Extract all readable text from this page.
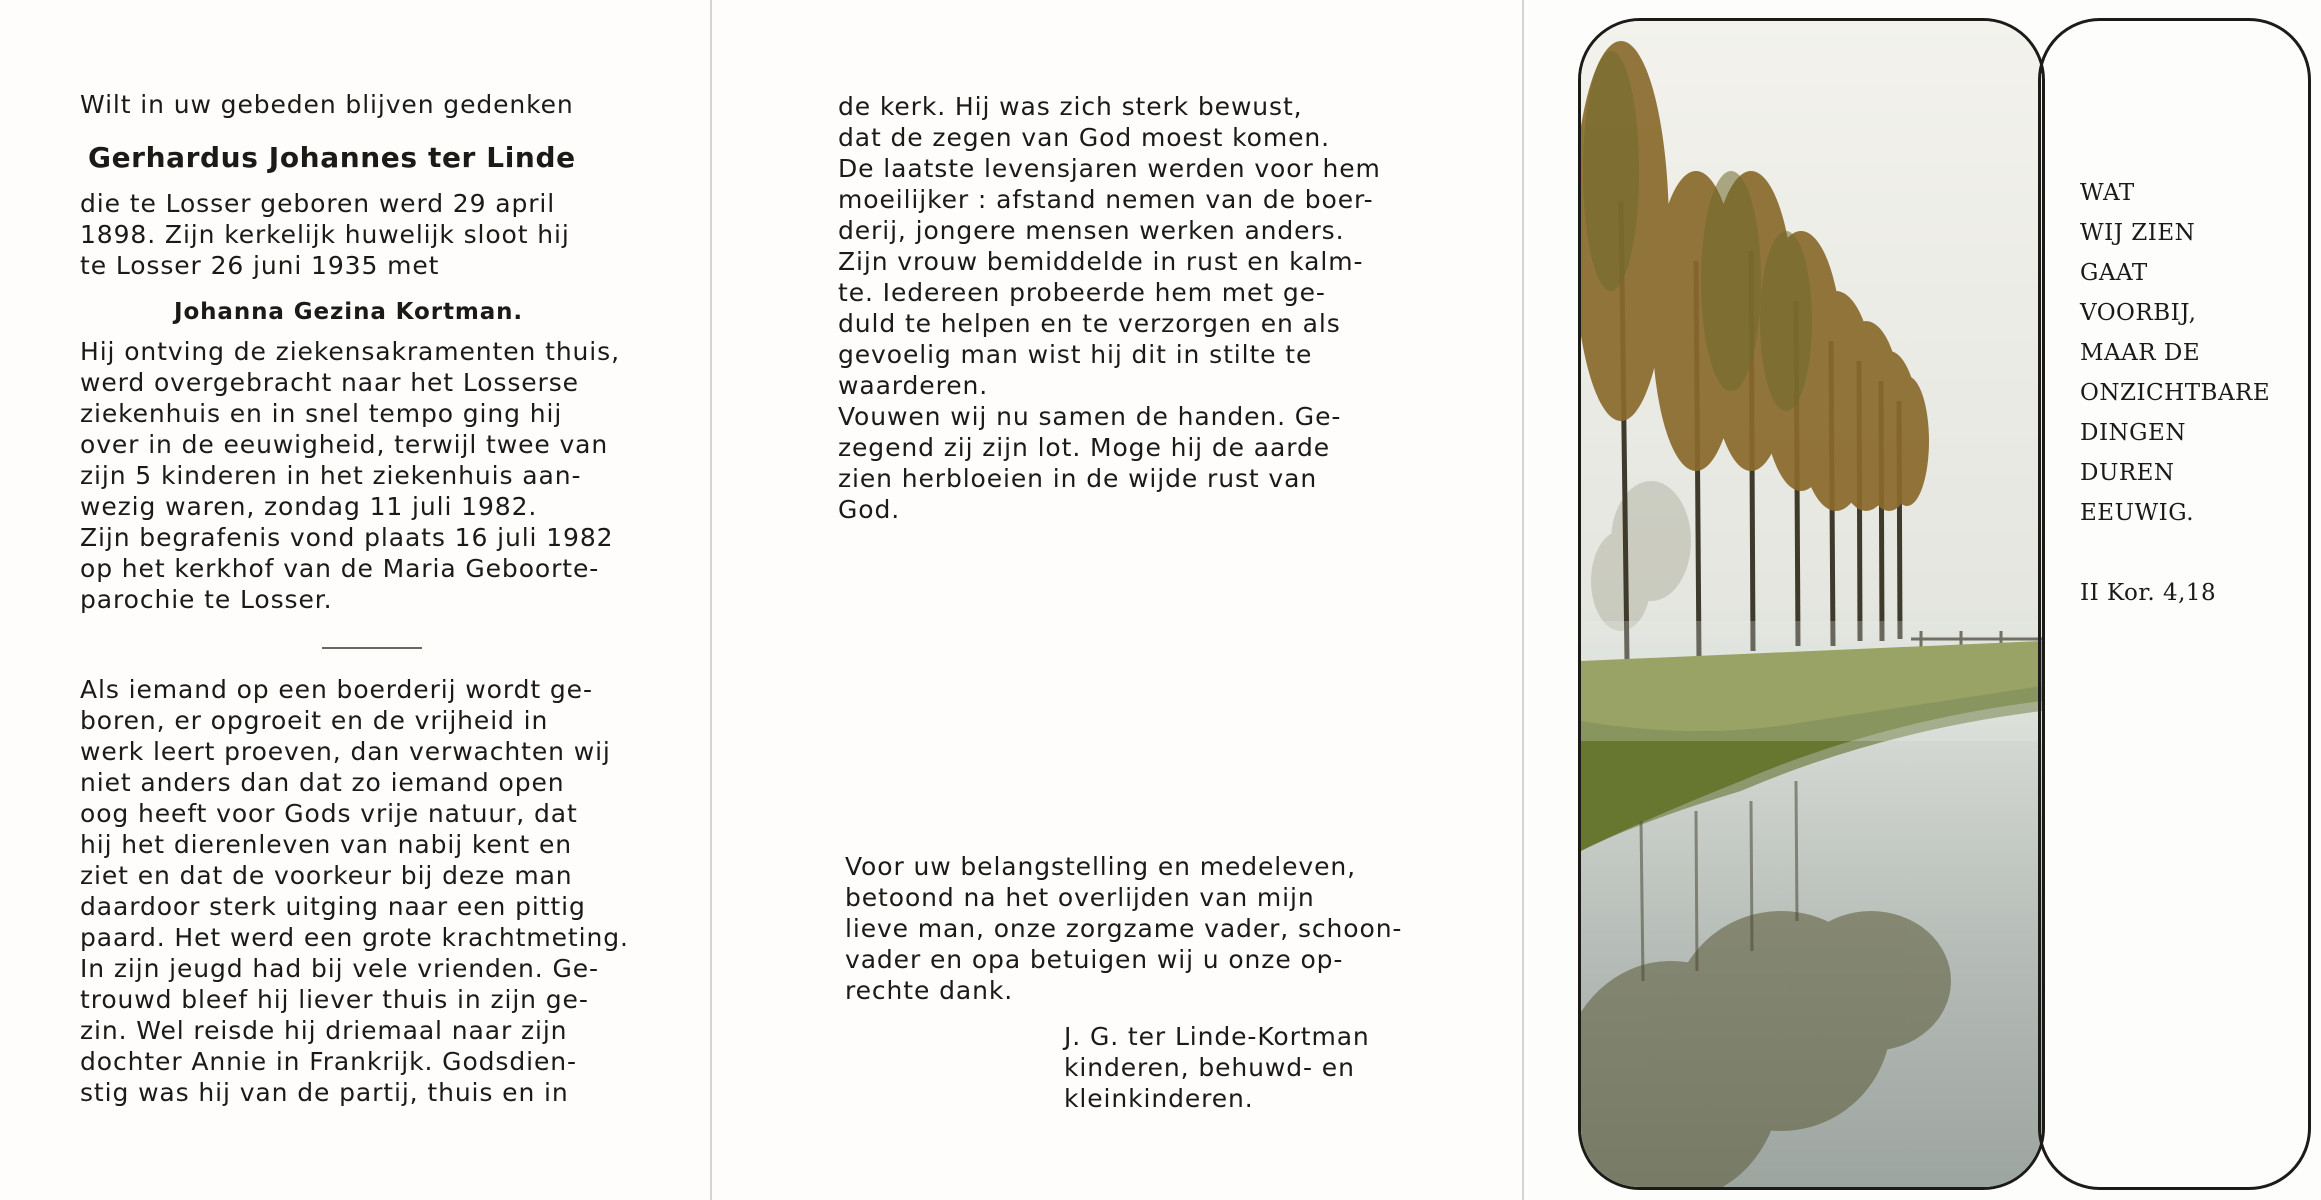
Wilt in uw gebeden blijven gedenken
Gerhardus Johannes ter Linde
die te Losser geboren werd 29 april
1898. Zijn kerkelijk huwelijk sloot hij
te Losser 26 juni 1935 met
Johanna Gezina Kortman.
Hij ontving de ziekensakramenten thuis,
werd overgebracht naar het Losserse
ziekenhuis en in snel tempo ging hij
over in de eeuwigheid, terwijl twee van
zijn 5 kinderen in het ziekenhuis aan-
wezig waren, zondag 11 juli 1982.
Zijn begrafenis vond plaats 16 juli 1982
op het kerkhof van de Maria Geboorte-
parochie te Losser.
Als iemand op een boerderij wordt ge-
boren, er opgroeit en de vrijheid in
werk leert proeven, dan verwachten wij
niet anders dan dat zo iemand open
oog heeft voor Gods vrije natuur, dat
hij het dierenleven van nabij kent en
ziet en dat de voorkeur bij deze man
daardoor sterk uitging naar een pittig
paard. Het werd een grote krachtmeting.
In zijn jeugd had bij vele vrienden. Ge-
trouwd bleef hij liever thuis in zijn ge-
zin. Wel reisde hij driemaal naar zijn
dochter Annie in Frankrijk. Godsdien-
stig was hij van de partij, thuis en in
de kerk. Hij was zich sterk bewust,
dat de zegen van God moest komen.
De laatste levensjaren werden voor hem
moeilijker : afstand nemen van de boer-
derij, jongere mensen werken anders.
Zijn vrouw bemiddelde in rust en kalm-
te. Iedereen probeerde hem met ge-
duld te helpen en te verzorgen en als
gevoelig man wist hij dit in stilte te
waarderen.
Vouwen wij nu samen de handen. Ge-
zegend zij zijn lot. Moge hij de aarde
zien herbloeien in de wijde rust van
God.
Voor uw belangstelling en medeleven,
betoond na het overlijden van mijn
lieve man, onze zorgzame vader, schoon-
vader en opa betuigen wij u onze op-
rechte dank.
J. G. ter Linde-Kortman
kinderen, behuwd- en
kleinkinderen.
WAT
WIJ ZIEN
GAAT
VOORBIJ,
MAAR DE
ONZICHTBARE
DINGEN
DUREN
EEUWIG.
II Kor. 4,18
